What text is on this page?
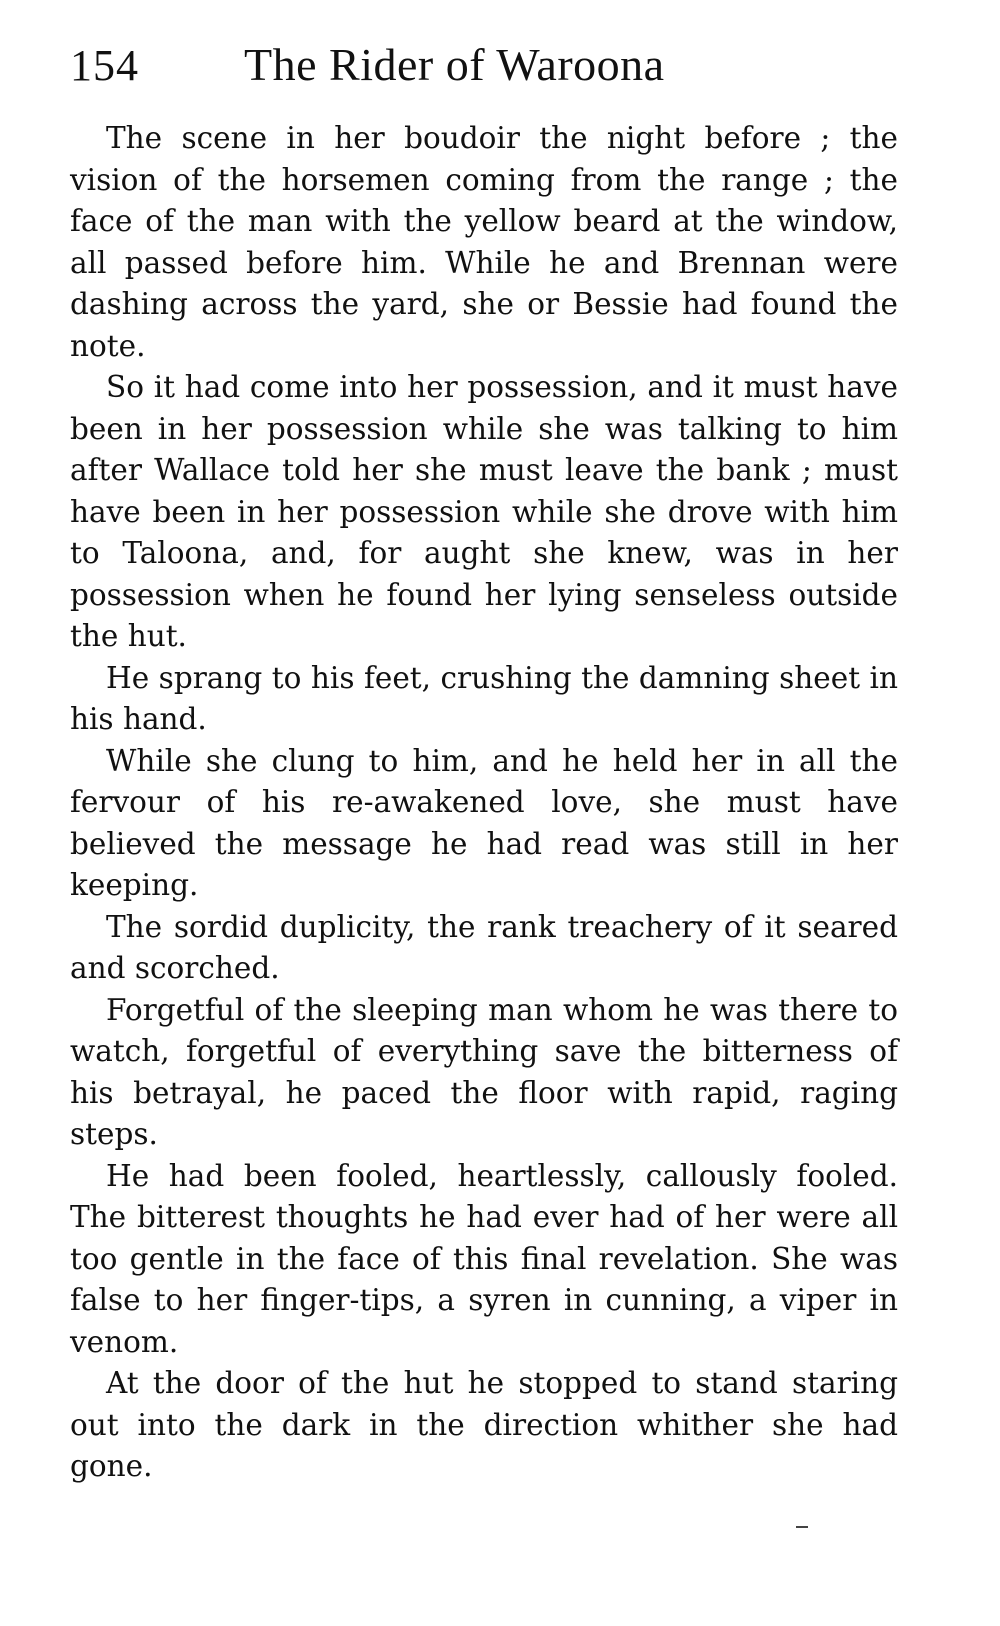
154	The Rider of Waroona

The scene in her boudoir the night before ; the vision of the horsemen coming from the range ; the face of the man with the yellow beard at the window, all passed before him. While he and Brennan were dashing across the yard, she or Bessie had found the note.

So it had come into her possession, and it must have been in her possession while she was talking to him after Wallace told her she must leave the bank ; must have been in her possession while she drove with him to Taloona, and, for aught she knew, was in her possession when he found her lying senseless outside the hut.

He sprang to his feet, crushing the damning sheet in his hand.

While she clung to him, and he held her in all the fervour of his re-awakened love, she must have believed the message he had read was still in her keeping.

The sordid duplicity, the rank treachery of it seared and scorched.

Forgetful of the sleeping man whom he was there to watch, forgetful of everything save the bitterness of his betrayal, he paced the floor with rapid, raging steps.

He had been fooled, heartlessly, callously fooled. The bitterest thoughts he had ever had of her were all too gentle in the face of this final revelation. She was false to her finger-tips, a syren in cunning, a viper in venom.

At the door of the hut he stopped to stand staring out into the dark in the direction whither she had gone.
